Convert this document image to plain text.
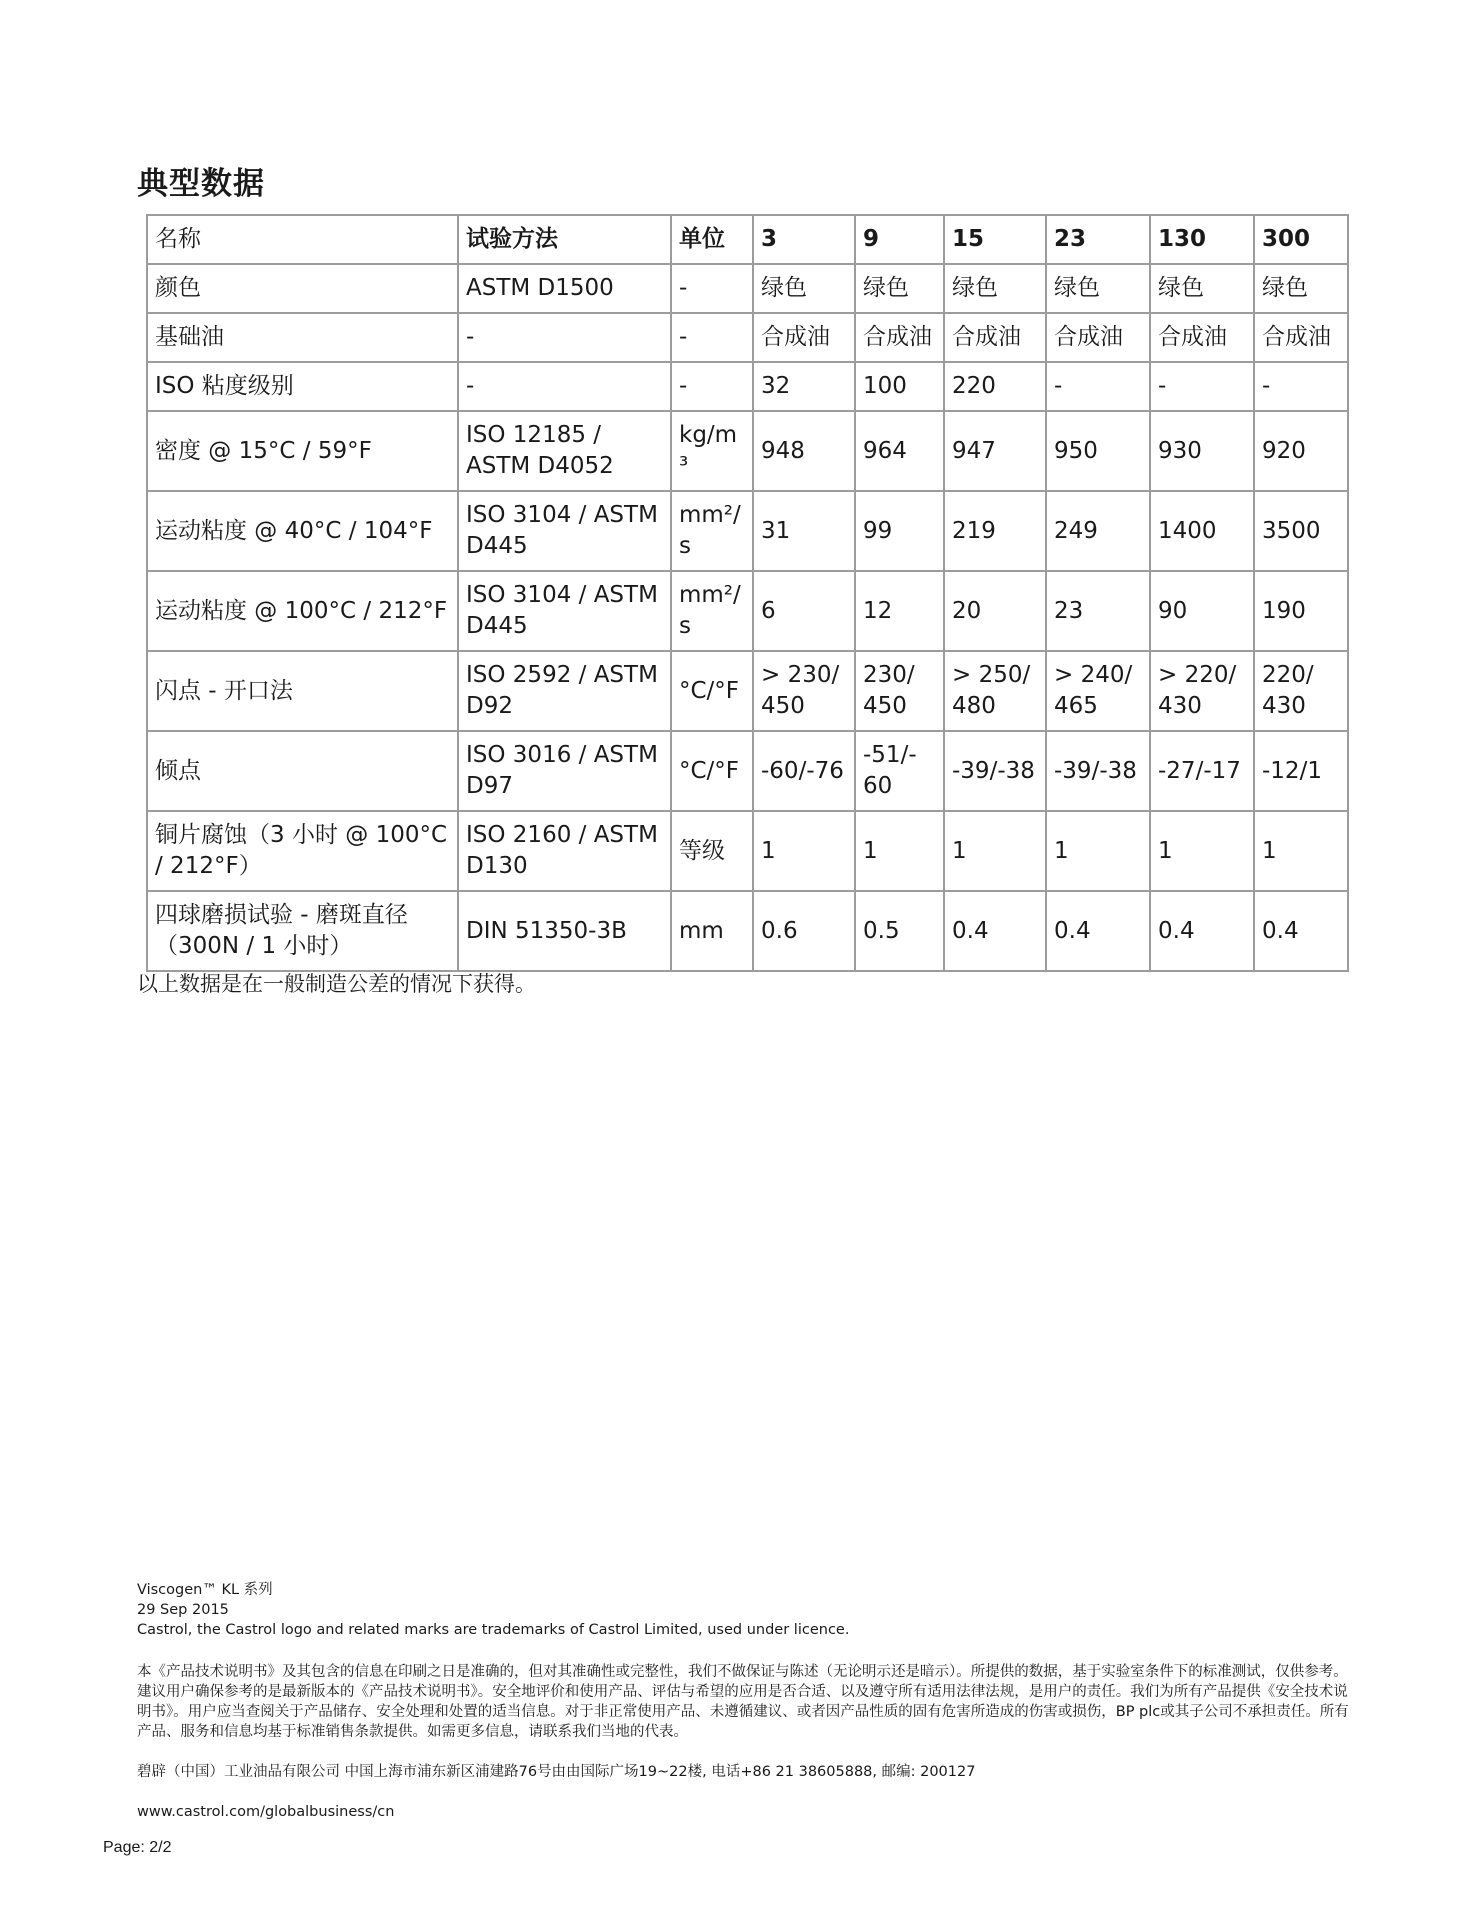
典型数据
名称	试验方法	单位	3	9	15	23	130	300
颜色	ASTM D1500	-	绿色	绿色	绿色	绿色	绿色	绿色
基础油	-	-	合成油	合成油	合成油	合成油	合成油	合成油
ISO 粘度级别	-	-	32	100	220	-	-	-
密度 @ 15°C / 59°F	ISO 12185 / ASTM D4052	kg/m³	948	964	947	950	930	920
运动粘度 @ 40°C / 104°F	ISO 3104 / ASTM D445	mm²/s	31	99	219	249	1400	3500
运动粘度 @ 100°C / 212°F	ISO 3104 / ASTM D445	mm²/s	6	12	20	23	90	190
闪点 - 开口法	ISO 2592 / ASTM D92	°C/°F	> 230/ 450	230/ 450	> 250/ 480	> 240/ 465	> 220/ 430	220/ 430
倾点	ISO 3016 / ASTM D97	°C/°F	-60/-76	-51/- 60	-39/-38	-39/-38	-27/-17	-12/1
铜片腐蚀（3 小时 @ 100°C / 212°F）	ISO 2160 / ASTM D130	等级	1	1	1	1	1	1
四球磨损试验 - 磨斑直径（300N / 1 小时）	DIN 51350-3B	mm	0.6	0.5	0.4	0.4	0.4	0.4
以上数据是在一般制造公差的情况下获得。
Viscogen™ KL 系列
29 Sep 2015
Castrol, the Castrol logo and related marks are trademarks of Castrol Limited, used under licence.
本《产品技术说明书》及其包含的信息在印刷之日是准确的，但对其准确性或完整性，我们不做保证与陈述（无论明示还是暗示）。所提供的数据，基于实验室条件下的标准测试，仅供参考。建议用户确保参考的是最新版本的《产品技术说明书》。安全地评价和使用产品、评估与希望的应用是否合适、以及遵守所有适用法律法规，是用户的责任。我们为所有产品提供《安全技术说明书》。用户应当查阅关于产品储存、安全处理和处置的适当信息。对于非正常使用产品、未遵循建议、或者因产品性质的固有危害所造成的伤害或损伤，BP plc或其子公司不承担责任。所有产品、服务和信息均基于标准销售条款提供。如需更多信息，请联系我们当地的代表。
碧辟（中国）工业油品有限公司 中国上海市浦东新区浦建路76号由由国际广场19~22楼, 电话+86 21 38605888, 邮编: 200127
www.castrol.com/globalbusiness/cn
Page: 2/2
